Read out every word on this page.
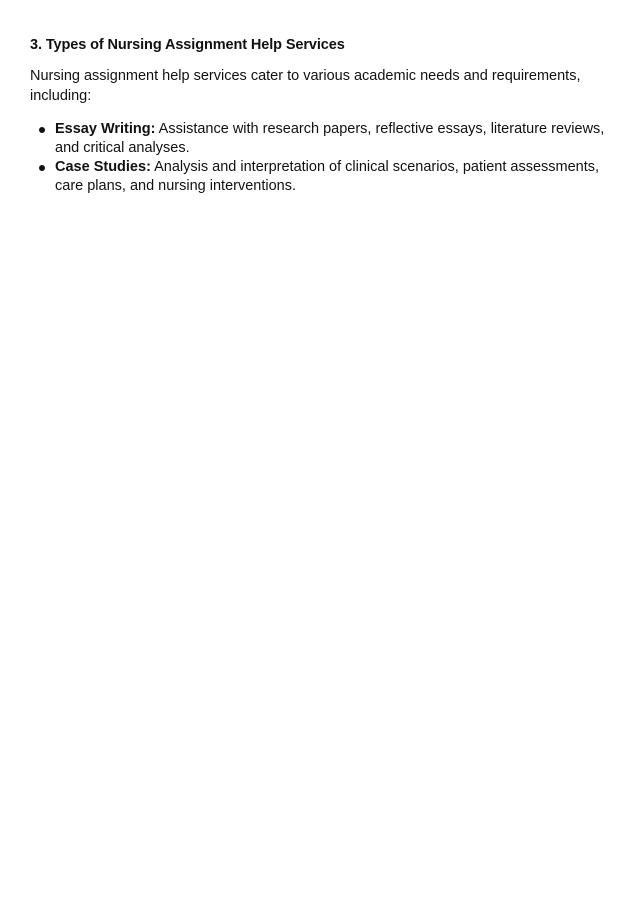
3. Types of Nursing Assignment Help Services
Nursing assignment help services cater to various academic needs and requirements, including:
Essay Writing: Assistance with research papers, reflective essays, literature reviews, and critical analyses.
Case Studies: Analysis and interpretation of clinical scenarios, patient assessments, care plans, and nursing interventions.
